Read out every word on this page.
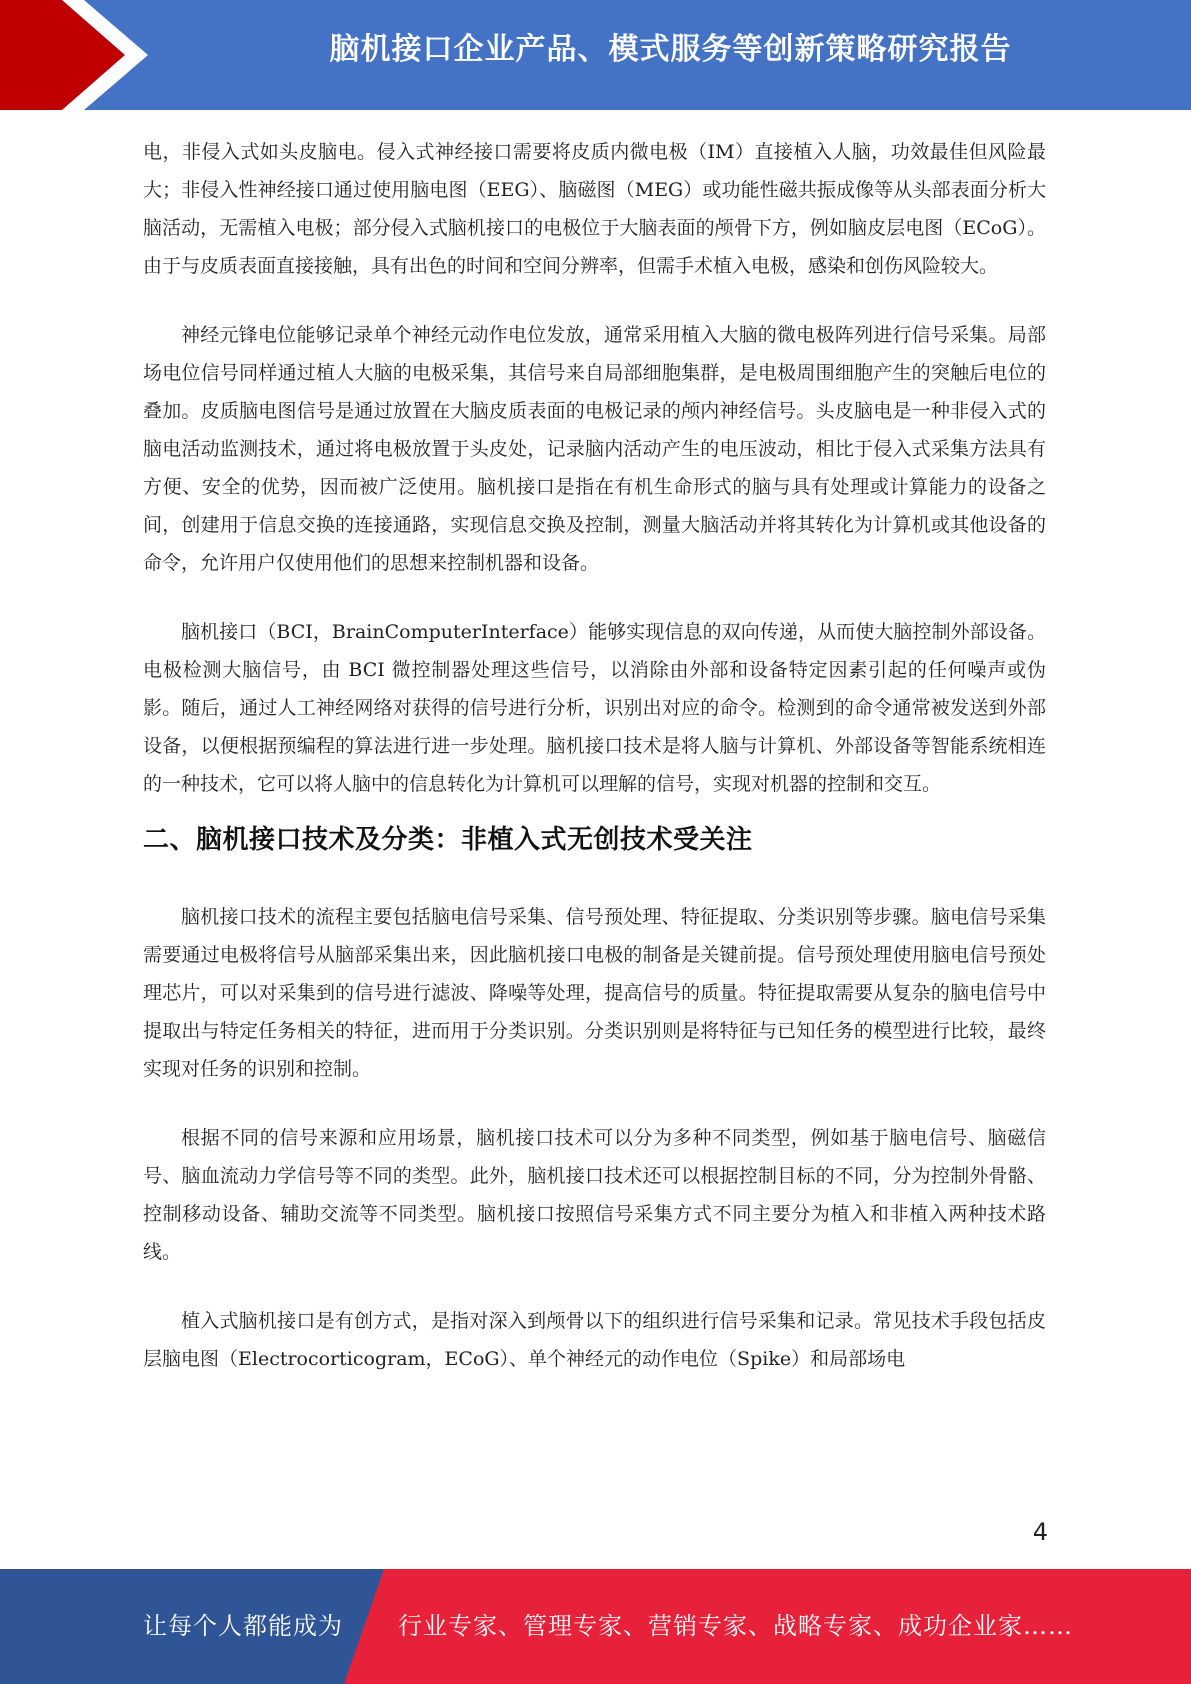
脑机接口企业产品、模式服务等创新策略研究报告

电，非侵入式如头皮脑电。侵入式神经接口需要将皮质内微电极（IM）直接植入人脑，功效最佳但风险最大；非侵入性神经接口通过使用脑电图（EEG）、脑磁图（MEG）或功能性磁共振成像等从头部表面分析大脑活动，无需植入电极；部分侵入式脑机接口的电极位于大脑表面的颅骨下方，例如脑皮层电图（ECoG）。由于与皮质表面直接接触，具有出色的时间和空间分辨率，但需手术植入电极，感染和创伤风险较大。

神经元锋电位能够记录单个神经元动作电位发放，通常采用植入大脑的微电极阵列进行信号采集。局部场电位信号同样通过植人大脑的电极采集，其信号来自局部细胞集群，是电极周围细胞产生的突触后电位的叠加。皮质脑电图信号是通过放置在大脑皮质表面的电极记录的颅内神经信号。头皮脑电是一种非侵入式的脑电活动监测技术，通过将电极放置于头皮处，记录脑内活动产生的电压波动，相比于侵入式采集方法具有方便、安全的优势，因而被广泛使用。脑机接口是指在有机生命形式的脑与具有处理或计算能力的设备之间，创建用于信息交换的连接通路，实现信息交换及控制，测量大脑活动并将其转化为计算机或其他设备的命令，允许用户仅使用他们的思想来控制机器和设备。

脑机接口（BCI，BrainComputerInterface）能够实现信息的双向传递，从而使大脑控制外部设备。电极检测大脑信号，由 BCI 微控制器处理这些信号，以消除由外部和设备特定因素引起的任何噪声或伪影。随后，通过人工神经网络对获得的信号进行分析，识别出对应的命令。检测到的命令通常被发送到外部设备，以便根据预编程的算法进行进一步处理。脑机接口技术是将人脑与计算机、外部设备等智能系统相连的一种技术，它可以将人脑中的信息转化为计算机可以理解的信号，实现对机器的控制和交互。

二、脑机接口技术及分类：非植入式无创技术受关注

脑机接口技术的流程主要包括脑电信号采集、信号预处理、特征提取、分类识别等步骤。脑电信号采集需要通过电极将信号从脑部采集出来，因此脑机接口电极的制备是关键前提。信号预处理使用脑电信号预处理芯片，可以对采集到的信号进行滤波、降噪等处理，提高信号的质量。特征提取需要从复杂的脑电信号中提取出与特定任务相关的特征，进而用于分类识别。分类识别则是将特征与已知任务的模型进行比较，最终实现对任务的识别和控制。

根据不同的信号来源和应用场景，脑机接口技术可以分为多种不同类型，例如基于脑电信号、脑磁信号、脑血流动力学信号等不同的类型。此外，脑机接口技术还可以根据控制目标的不同，分为控制外骨骼、控制移动设备、辅助交流等不同类型。脑机接口按照信号采集方式不同主要分为植入和非植入两种技术路线。

植入式脑机接口是有创方式，是指对深入到颅骨以下的组织进行信号采集和记录。常见技术手段包括皮层脑电图（Electrocorticogram，ECoG）、单个神经元的动作电位（Spike）和局部场电

4
让每个人都能成为 行业专家、管理专家、营销专家、战略专家、成功企业家……
